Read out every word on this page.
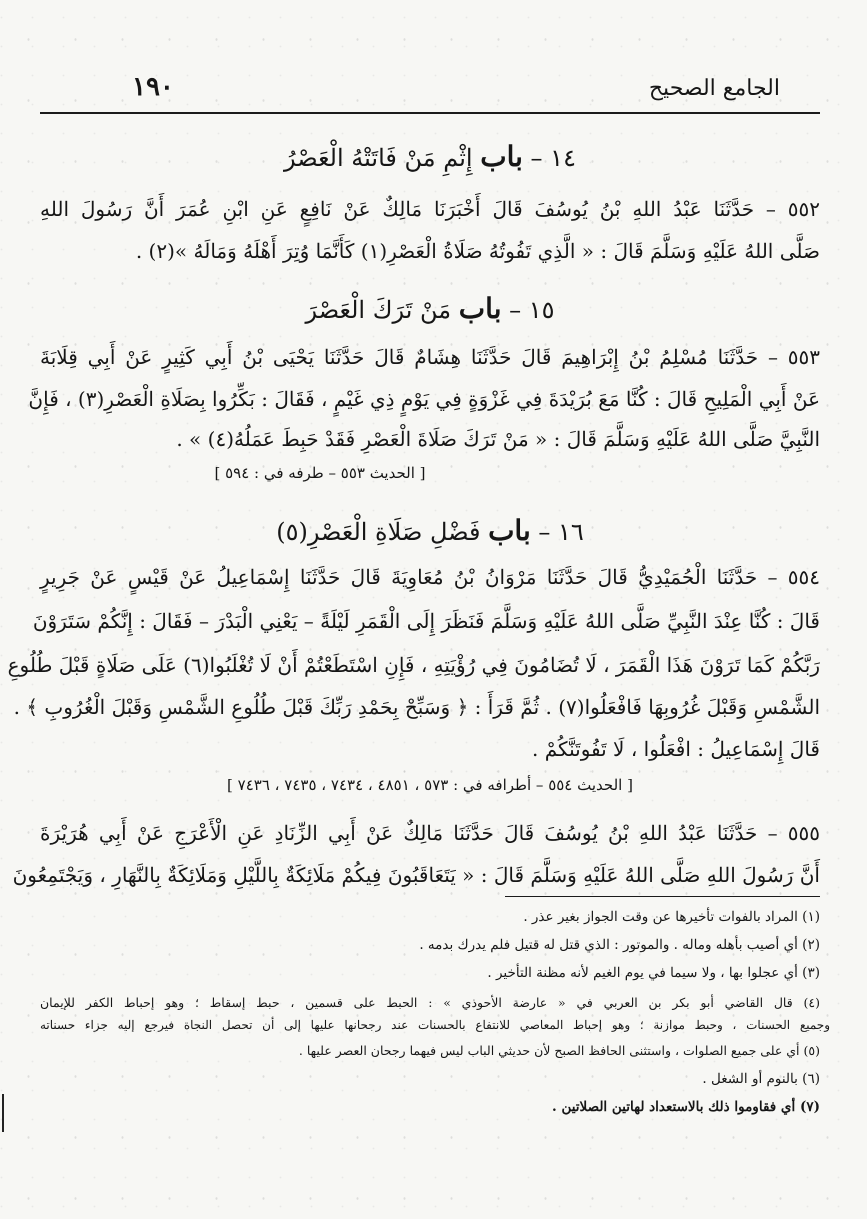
١٩٠	الجامع الصحيح
١٤ – باب إِثْمِ مَنْ فَاتَتْهُ الْعَصْرُ
٥٥٢ – حَدَّثَنَا عَبْدُ اللهِ بْنُ يُوسُفَ قَالَ أَخْبَرَنَا مَالِكٌ عَنْ نَافِعٍ عَنِ ابْنِ عُمَرَ أَنَّ رَسُولَ اللهِ
صَلَّى اللهُ عَلَيْهِ وَسَلَّمَ قَالَ : « الَّذِي تَفُوتُهُ صَلَاةُ الْعَصْرِ(١) كَأَنَّمَا وُتِرَ أَهْلَهُ وَمَالَهُ »(٢) .
١٥ – باب مَنْ تَرَكَ الْعَصْرَ
٥٥٣ – حَدَّثَنَا مُسْلِمُ بْنُ إِبْرَاهِيمَ قَالَ حَدَّثَنَا هِشَامٌ قَالَ حَدَّثَنَا يَحْيَى بْنُ أَبِي كَثِيرٍ عَنْ أَبِي قِلَابَةَ
عَنْ أَبِي الْمَلِيحِ قَالَ : كُنَّا مَعَ بُرَيْدَةَ فِي غَزْوَةٍ فِي يَوْمٍ ذِي غَيْمٍ ، فَقَالَ : بَكِّرُوا بِصَلَاةِ الْعَصْرِ(٣) ، فَإِنَّ
النَّبِيَّ صَلَّى اللهُ عَلَيْهِ وَسَلَّمَ قَالَ : « مَنْ تَرَكَ صَلَاةَ الْعَصْرِ فَقَدْ حَبِطَ عَمَلُهُ(٤) » .
[ الحديث ٥٥٣ – طرفه في : ٥٩٤ ]
١٦ – باب فَضْلِ صَلَاةِ الْعَصْرِ(٥)
٥٥٤ – حَدَّثَنَا الْحُمَيْدِيُّ قَالَ حَدَّثَنَا مَرْوَانُ بْنُ مُعَاوِيَةَ قَالَ حَدَّثَنَا إِسْمَاعِيلُ عَنْ قَيْسٍ عَنْ جَرِيرٍ
قَالَ : كُنَّا عِنْدَ النَّبِيِّ صَلَّى اللهُ عَلَيْهِ وَسَلَّمَ فَنَظَرَ إِلَى الْقَمَرِ لَيْلَةً – يَعْنِي الْبَدْرَ – فَقَالَ : إِنَّكُمْ سَتَرَوْنَ
رَبَّكُمْ كَمَا تَرَوْنَ هَذَا الْقَمَرَ ، لَا تُضَامُونَ فِي رُؤْيَتِهِ ، فَإِنِ اسْتَطَعْتُمْ أَنْ لَا تُغْلَبُوا(٦) عَلَى صَلَاةٍ قَبْلَ طُلُوعِ
الشَّمْسِ وَقَبْلَ غُرُوبِهَا فَافْعَلُوا(٧) . ثُمَّ قَرَأَ : ﴿ وَسَبِّحْ بِحَمْدِ رَبِّكَ قَبْلَ طُلُوعِ الشَّمْسِ وَقَبْلَ الْغُرُوبِ ﴾ .
قَالَ إِسْمَاعِيلُ : افْعَلُوا ، لَا تَفُوتَنَّكُمْ .
[ الحديث ٥٥٤ – أطرافه في : ٥٧٣ ، ٤٨٥١ ، ٧٤٣٤ ، ٧٤٣٥ ، ٧٤٣٦ ]
٥٥٥ – حَدَّثَنَا عَبْدُ اللهِ بْنُ يُوسُفَ قَالَ حَدَّثَنَا مَالِكٌ عَنْ أَبِي الزِّنَادِ عَنِ الْأَعْرَجِ عَنْ أَبِي هُرَيْرَةَ
أَنَّ رَسُولَ اللهِ صَلَّى اللهُ عَلَيْهِ وَسَلَّمَ قَالَ : « يَتَعَاقَبُونَ فِيكُمْ مَلَائِكَةٌ بِاللَّيْلِ وَمَلَائِكَةٌ بِالنَّهَارِ ، وَيَجْتَمِعُونَ
(١) المراد بالفوات تأخيرها عن وقت الجواز بغير عذر .
(٢) أي أصيب بأهله وماله . والموتور : الذي قتل له قتيل فلم يدرك بدمه .
(٣) أي عجلوا بها ، ولا سيما في يوم الغيم لأنه مظنة التأخير .
(٤) قال القاضي أبو بكر بن العربي في « عارضة الأحوذي » : الحبط على قسمين ، حبط إسقاط ؛ وهو إحباط الكفر للإيمان
وجميع الحسنات ، وحبط موازنة ؛ وهو إحباط المعاصي للانتفاع بالحسنات عند رجحانها عليها إلى أن تحصل النجاة فيرجع إليه جزاء حسناته
(٥) أي على جميع الصلوات ، واستثنى الحافظ الصبح لأن حديثي الباب ليس فيهما رجحان العصر عليها .
(٦) بالنوم أو الشغل .
(٧) أي فقاوموا ذلك بالاستعداد لهاتين الصلاتين .
